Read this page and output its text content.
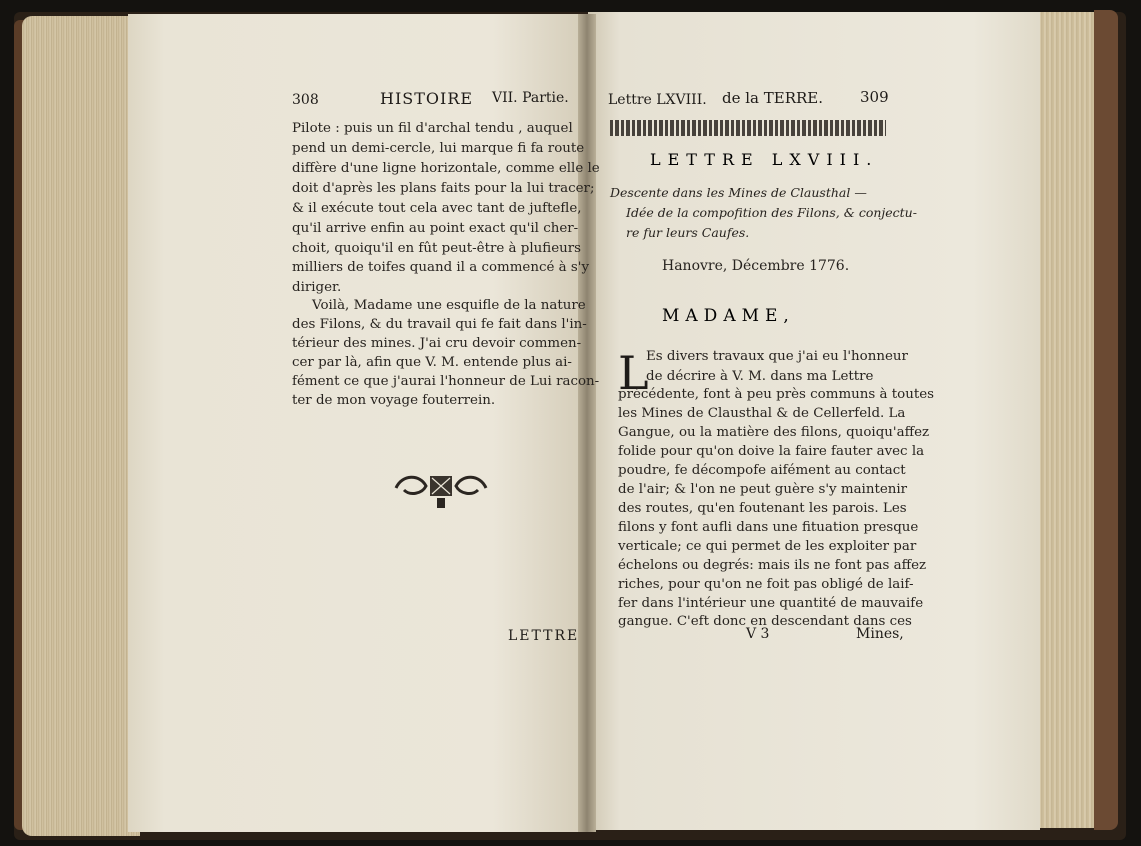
308	HISTOIRE VII. Partie.
Pilote : puis un fil d'archal tendu , auquel
pend un demi-cercle, lui marque fi fa route
diffère d'une ligne horizontale, comme elle le
doit d'après les plans faits pour la lui tracer;
& il exécute tout cela avec tant de juftefle,
qu'il arrive enfin au point exact qu'il cher-
choit, quoiqu'il en fût peut-être à plufieurs
milliers de toifes quand il a commencé à s'y
diriger.
Voilà, Madame une esquifle de la nature
des Filons, & du travail qui fe fait dans l'in-
térieur des mines. J'ai cru devoir commen-
cer par là, afin que V. M. entende plus ai-
fément ce que j'aurai l'honneur de Lui racon-
ter de mon voyage fouterrein.
LETTRE
Lettre LXVIII. de la TERRE. 309
LETTRE LXVIII.
Descente dans les Mines de Clausthal —
Idée de la compofition des Filons, & conjectu-
re fur leurs Caufes.
Hanovre, Décembre 1776.
MADAME,
L
Es divers travaux que j'ai eu l'honneur
de décrire à V. M. dans ma Lettre
précédente, font à peu près communs à toutes
les Mines de Clausthal & de Cellerfeld. La
Gangue, ou la matière des filons, quoiqu'affez
folide pour qu'on doive la faire fauter avec la
poudre, fe décompofe aifément au contact
de l'air; & l'on ne peut guère s'y maintenir
des routes, qu'en foutenant les parois. Les
filons y font aufli dans une fituation presque
verticale; ce qui permet de les exploiter par
échelons ou degrés: mais ils ne font pas affez
riches, pour qu'on ne foit pas obligé de laif-
fer dans l'intérieur une quantité de mauvaife
gangue. C'eft donc en descendant dans ces
V 3	Mines,
